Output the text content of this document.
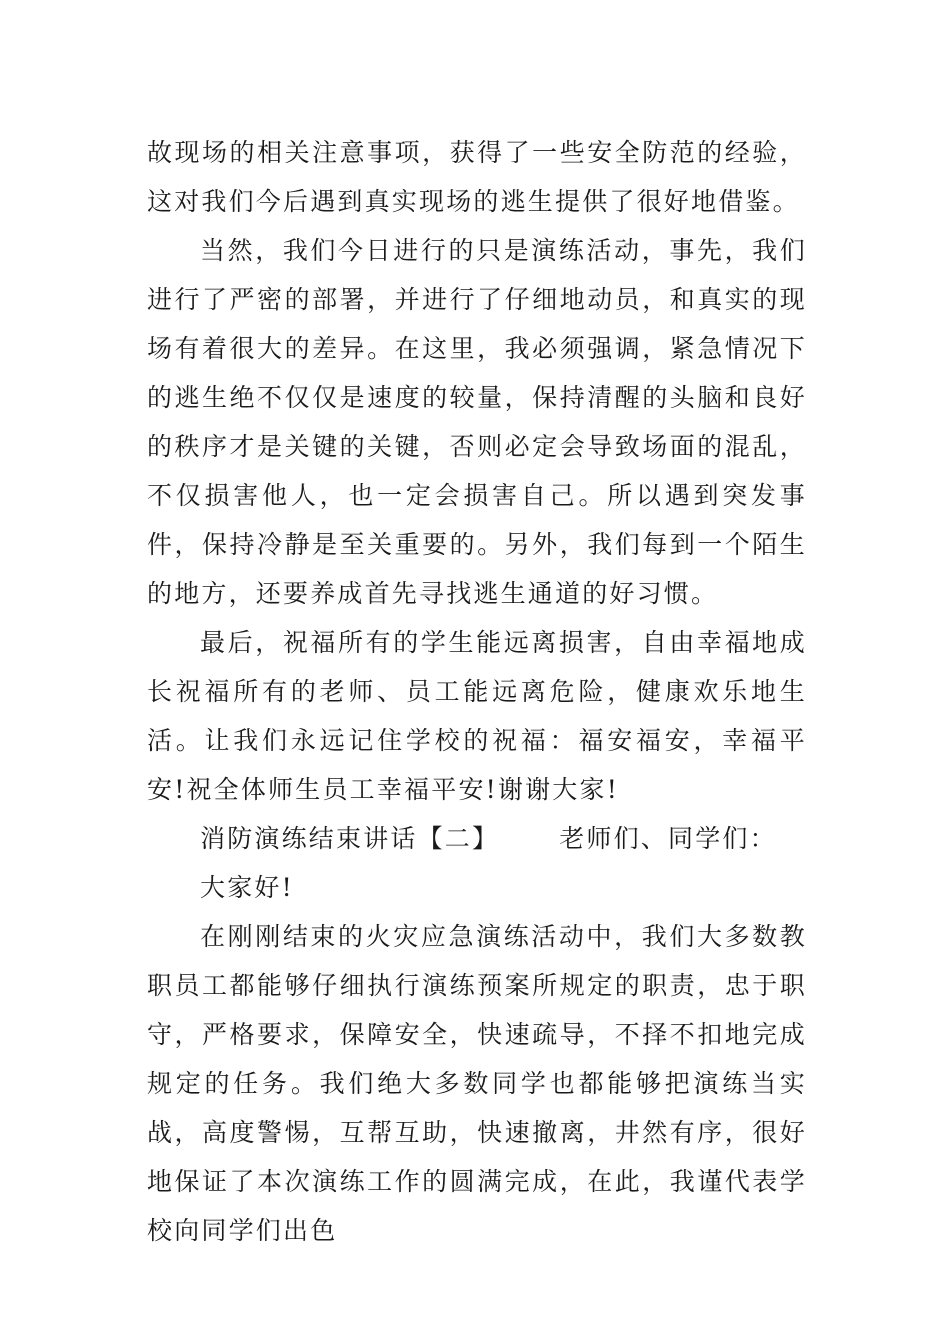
故现场的相关注意事项，获得了一些安全防范的经验，这对我们今后遇到真实现场的逃生提供了很好地借鉴。

当然，我们今日进行的只是演练活动，事先，我们进行了严密的部署，并进行了仔细地动员，和真实的现场有着很大的差异。在这里，我必须强调，紧急情况下的逃生绝不仅仅是速度的较量，保持清醒的头脑和良好的秩序才是关键的关键，否则必定会导致场面的混乱，不仅损害他人，也一定会损害自己。所以遇到突发事件，保持冷静是至关重要的。另外，我们每到一个陌生的地方，还要养成首先寻找逃生通道的好习惯。

最后，祝福所有的学生能远离损害，自由幸福地成长祝福所有的老师、员工能远离危险，健康欢乐地生活。让我们永远记住学校的祝福：福安福安，幸福平安!祝全体师生员工幸福平安!谢谢大家!

消防演练结束讲话【二】 老师们、同学们：

大家好!

在刚刚结束的火灾应急演练活动中，我们大多数教职员工都能够仔细执行演练预案所规定的职责，忠于职守，严格要求，保障安全，快速疏导，不择不扣地完成规定的任务。我们绝大多数同学也都能够把演练当实战，高度警惕，互帮互助，快速撤离，井然有序，很好地保证了本次演练工作的圆满完成，在此，我谨代表学校向同学们出色
